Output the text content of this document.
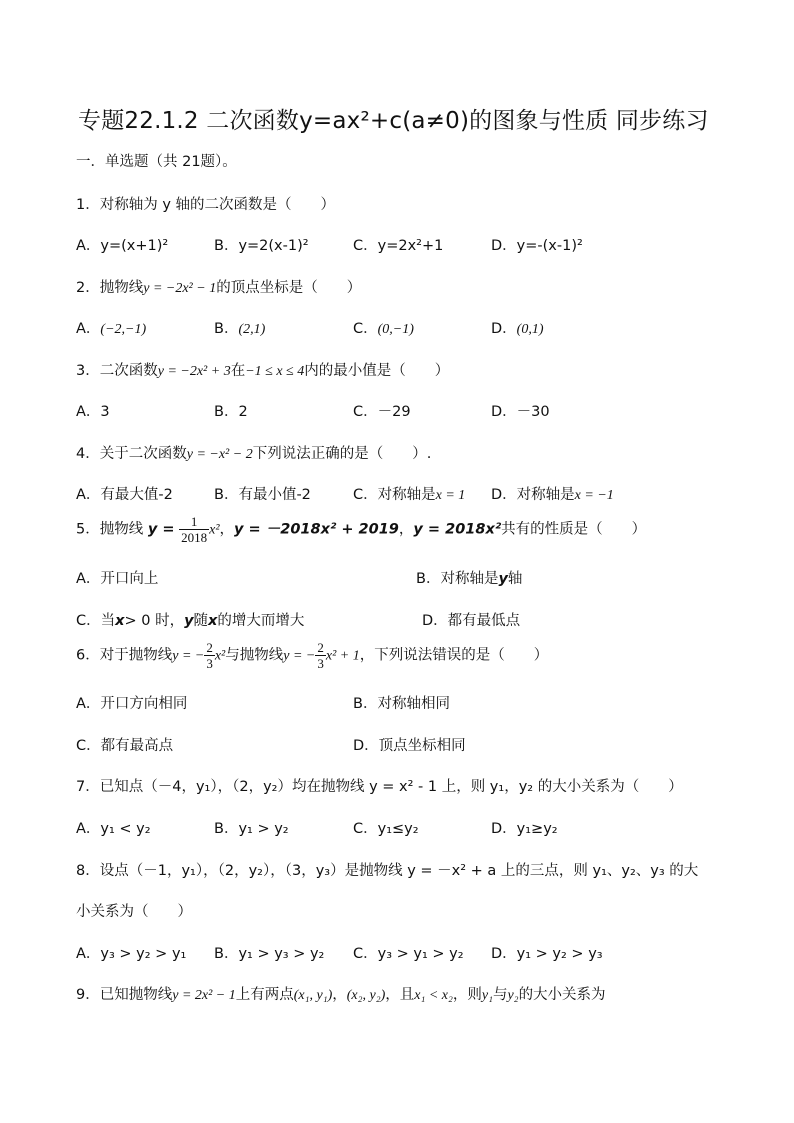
专题22.1.2 二次函数y=ax²+c(a≠0)的图象与性质 同步练习
一．单选题（共 21题）。
1．对称轴为 y 轴的二次函数是（　　）
A．y=(x+1)²	B．y=2(x-1)²	C．y=2x²+1	D．y=-(x-1)²
2．抛物线y = −2x² − 1的顶点坐标是（　　）
A．(−2,−1)	B．(2,1)	C．(0,−1)	D．(0,1)
3．二次函数y = −2x² + 3在−1 ≤ x ≤ 4内的最小值是（　　）
A．3	B．2	C．－29	D．－30
4．关于二次函数y = −x² − 2下列说法正确的是（　　）.
A．有最大值-2	B．有最小值-2	C．对称轴是x = 1 D．对称轴是x = −1
5．抛物线 $y = \frac{1}{2018} x^2$，y = －2018x² + 2019，y = 2018x²共有的性质是（　　）
A．开口向上	B．对称轴是y轴
C．当x> 0 时，y随x的增大而增大	D．都有最低点
6．对于抛物线y = − $\frac{2}{3} x^2$与抛物线y = − $\frac{2}{3} x^2 + 1$，下列说法错误的是（　　）
A．开口方向相同	B．对称轴相同
C．都有最高点	D．顶点坐标相同
7．已知点（－4，y₁），（2，y₂）均在抛物线 y = x² - 1 上，则 y₁，y₂ 的大小关系为（　　）
A．y₁ < y₂	B．y₁ > y₂	C．y₁≤y₂	D．y₁≥y₂
8．设点（－1，y₁），（2，y₂），（3，y₃）是抛物线 y = －x² + a 上的三点，则 y₁、y₂、y₃ 的大
小关系为（　　）
A．y₃ > y₂ > y₁ B．y₁ > y₃ > y₂ C．y₃ > y₁ > y₂ D．y₁ > y₂ > y₃
9．已知抛物线y = 2x² − 1上有两点(x₁, y₁)，(x₂, y₂)，且x₁ < x₂，则y₁与y₂的大小关系为
